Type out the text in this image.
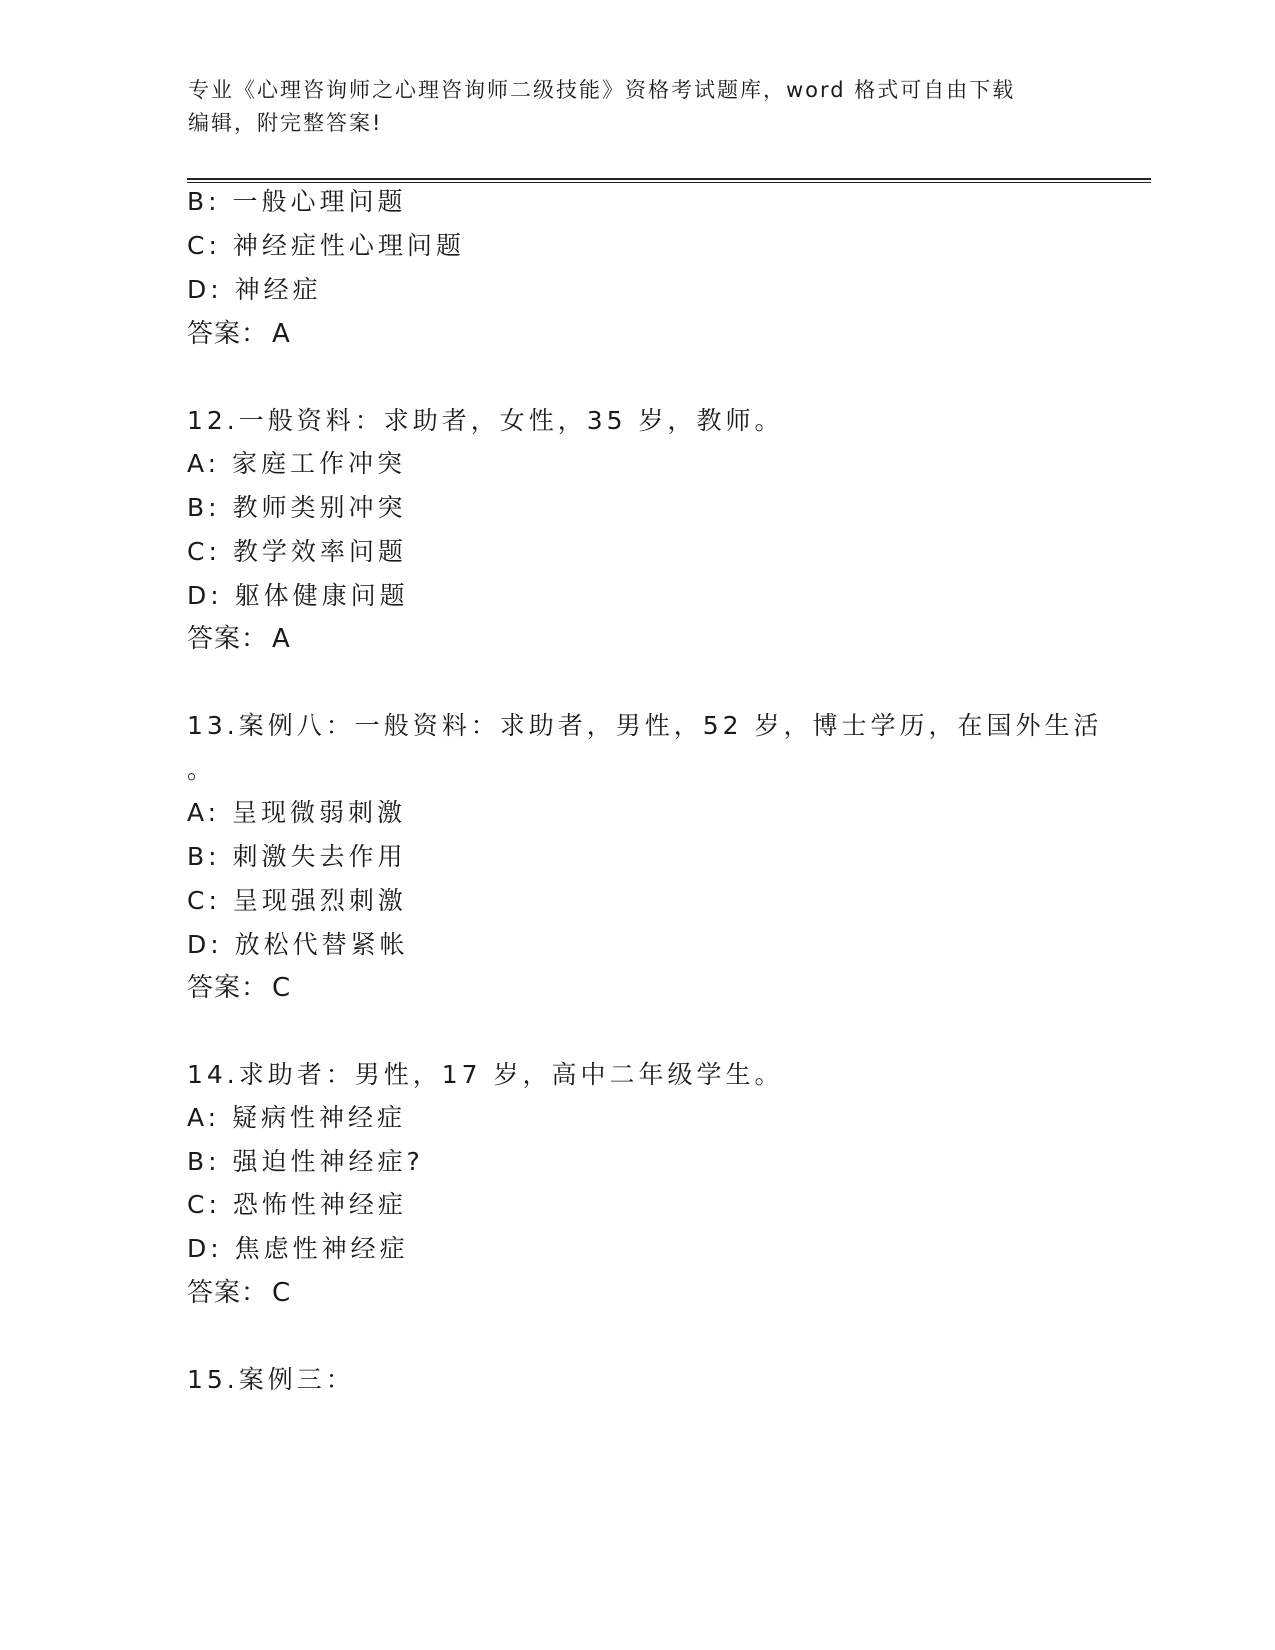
专业《心理咨询师之心理咨询师二级技能》资格考试题库，word 格式可自由下载
编辑，附完整答案!
B: 一般心理问题
C: 神经症性心理问题
D: 神经症
答案： A
12.一般资料：求助者，女性，35 岁，教师。
A: 家庭工作冲突
B: 教师类别冲突
C: 教学效率问题
D: 躯体健康问题
答案： A
13.案例八：一般资料：求助者，男性，52 岁，博士学历，在国外生活
。
A: 呈现微弱刺激
B: 刺激失去作用
C: 呈现强烈刺激
D: 放松代替紧帐
答案： C
14.求助者：男性，17 岁，高中二年级学生。
A: 疑病性神经症
B: 强迫性神经症?
C: 恐怖性神经症
D: 焦虑性神经症
答案： C
15.案例三：
